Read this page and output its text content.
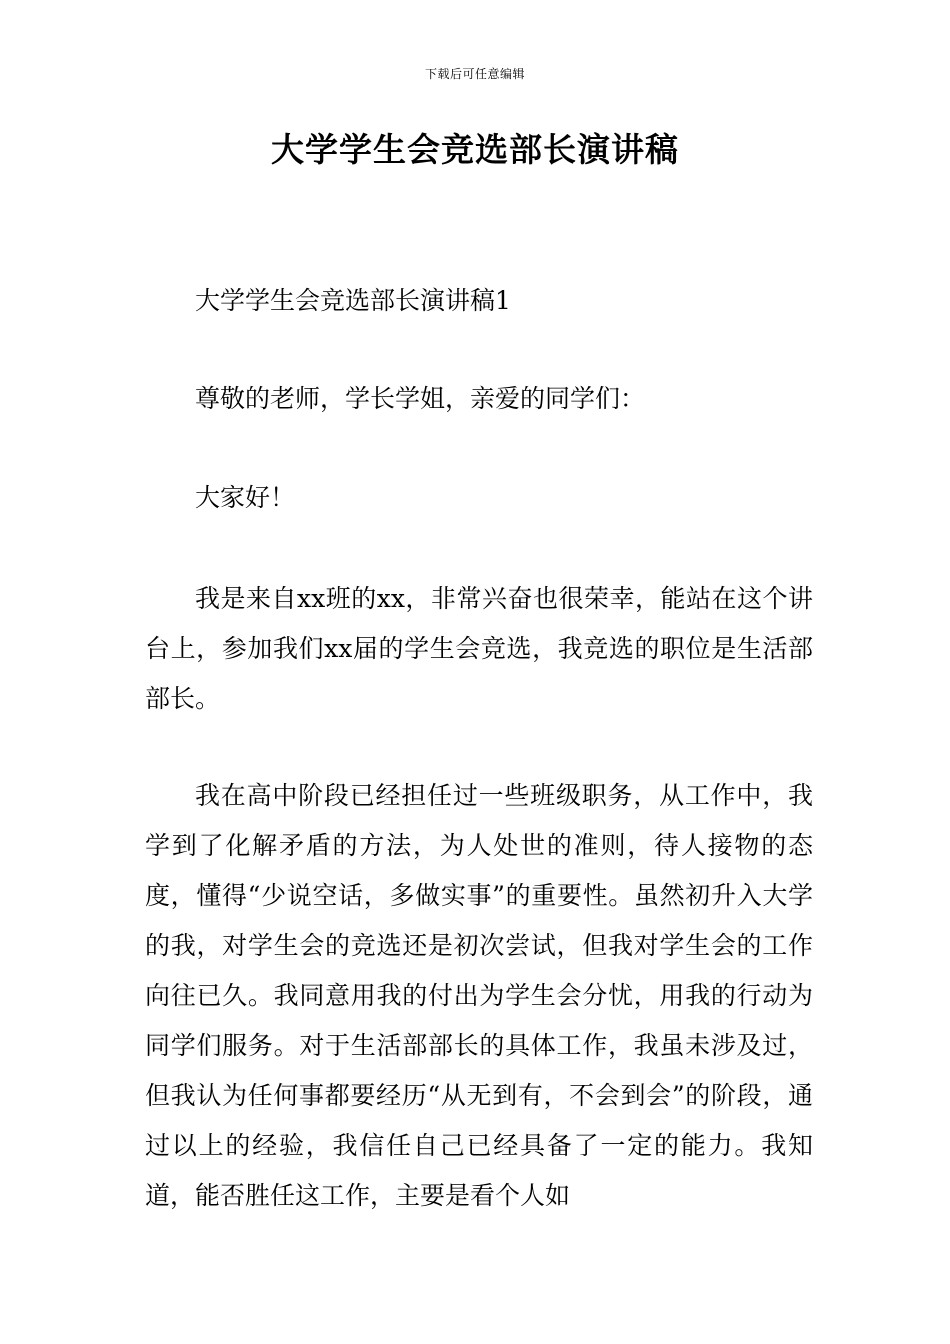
下载后可任意编辑
大学学生会竞选部长演讲稿

大学学生会竞选部长演讲稿1

尊敬的老师，学长学姐，亲爱的同学们：

大家好！

我是来自xx班的xx，非常兴奋也很荣幸，能站在这个讲台上，参加我们xx届的学生会竞选，我竞选的职位是生活部部长。

我在高中阶段已经担任过一些班级职务，从工作中，我学到了化解矛盾的方法，为人处世的准则，待人接物的态度，懂得“少说空话，多做实事”的重要性。虽然初升入大学的我，对学生会的竞选还是初次尝试，但我对学生会的工作向往已久。我同意用我的付出为学生会分忧，用我的行动为同学们服务。对于生活部部长的具体工作，我虽未涉及过，但我认为任何事都要经历“从无到有，不会到会”的阶段，通过以上的经验，我信任自己已经具备了一定的能力。我知道，能否胜任这工作，主要是看个人如
